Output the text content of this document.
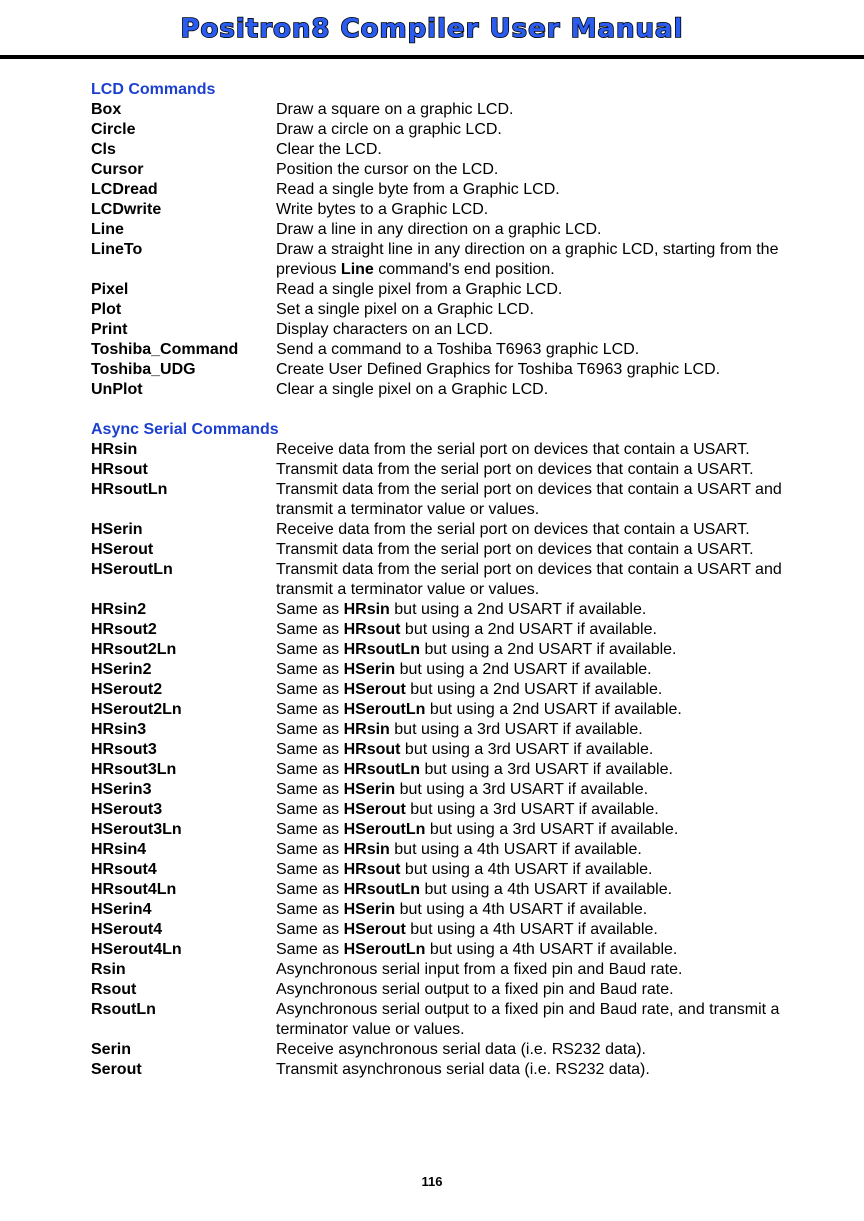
Positron8 Compiler User Manual
LCD Commands
Box	Draw a square on a graphic LCD.
Circle	Draw a circle on a graphic LCD.
Cls	Clear the LCD.
Cursor	Position the cursor on the LCD.
LCDread	Read a single byte from a Graphic LCD.
LCDwrite	Write bytes to a Graphic LCD.
Line	Draw a line in any direction on a graphic LCD.
LineTo	Draw a straight line in any direction on a graphic LCD, starting from the previous Line command's end position.
Pixel	Read a single pixel from a Graphic LCD.
Plot	Set a single pixel on a Graphic LCD.
Print	Display characters on an LCD.
Toshiba_Command	Send a command to a Toshiba T6963 graphic LCD.
Toshiba_UDG	Create User Defined Graphics for Toshiba T6963 graphic LCD.
UnPlot	Clear a single pixel on a Graphic LCD.
Async Serial Commands
HRsin	Receive data from the serial port on devices that contain a USART.
HRsout	Transmit data from the serial port on devices that contain a USART.
HRsoutLn	Transmit data from the serial port on devices that contain a USART and transmit a terminator value or values.
HSerin	Receive data from the serial port on devices that contain a USART.
HSerout	Transmit data from the serial port on devices that contain a USART.
HSeroutLn	Transmit data from the serial port on devices that contain a USART and transmit a terminator value or values.
HRsin2	Same as HRsin but using a 2nd USART if available.
HRsout2	Same as HRsout but using a 2nd USART if available.
HRsout2Ln	Same as HRsoutLn but using a 2nd USART if available.
HSerin2	Same as HSerin but using a 2nd USART if available.
HSerout2	Same as HSerout but using a 2nd USART if available.
HSerout2Ln	Same as HSeroutLn but using a 2nd USART if available.
HRsin3	Same as HRsin but using a 3rd USART if available.
HRsout3	Same as HRsout but using a 3rd USART if available.
HRsout3Ln	Same as HRsoutLn but using a 3rd USART if available.
HSerin3	Same as HSerin but using a 3rd USART if available.
HSerout3	Same as HSerout but using a 3rd USART if available.
HSerout3Ln	Same as HSeroutLn but using a 3rd USART if available.
HRsin4	Same as HRsin but using a 4th USART if available.
HRsout4	Same as HRsout but using a 4th USART if available.
HRsout4Ln	Same as HRsoutLn but using a 4th USART if available.
HSerin4	Same as HSerin but using a 4th USART if available.
HSerout4	Same as HSerout but using a 4th USART if available.
HSerout4Ln	Same as HSeroutLn but using a 4th USART if available.
Rsin	Asynchronous serial input from a fixed pin and Baud rate.
Rsout	Asynchronous serial output to a fixed pin and Baud rate.
RsoutLn	Asynchronous serial output to a fixed pin and Baud rate, and transmit a terminator value or values.
Serin	Receive asynchronous serial data (i.e. RS232 data).
Serout	Transmit asynchronous serial data (i.e. RS232 data).
116
